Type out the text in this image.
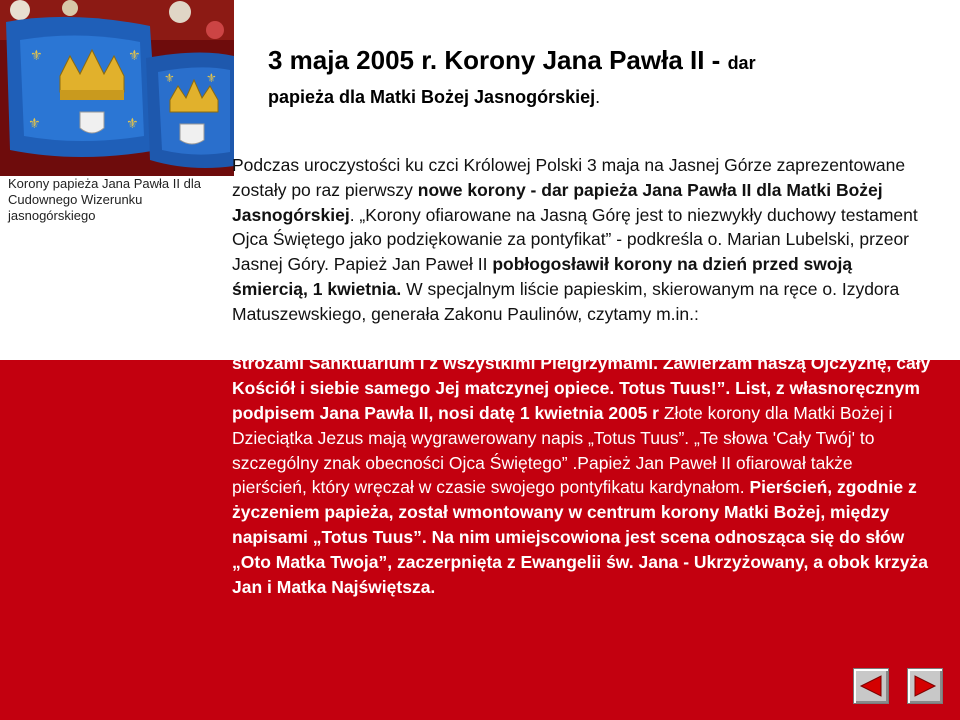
⚜	⚜
⚜	⚜
⚜
⚜
Korony papieża Jana Pawła II dla Cudownego Wizerunku jasnogórskiego
3 maja 2005 r. Korony Jana Pawła II - dar
papieża dla Matki Bożej Jasnogórskiej.
Podczas uroczystości ku czci Królowej Polski 3 maja na Jasnej Górze zaprezentowane zostały po raz pierwszy nowe korony - dar papieża Jana Pawła II dla Matki Bożej Jasnogórskiej. „Korony ofiarowane na Jasną Górę jest to niezwykły duchowy testament Ojca Świętego jako podziękowanie za pontyfikat” - podkreśla o. Marian Lubelski, przeor Jasnej Góry. Papież Jan Paweł II pobłogosławił korony na dzień przed swoją śmiercią, 1 kwietnia. W specjalnym liście papieskim, skierowanym na ręce o. Izydora Matuszewskiego, generała Zakonu Paulinów, czytamy m.in.: „Błogosławię i ofiarowuję nowe korony dla Jasnogórskiego Wizerunku, jednocząc się w duchu z paulinami, stróżami Sanktuarium i z wszystkimi Pielgrzymami. Zawierzam naszą Ojczyznę, cały Kościół i siebie samego Jej matczynej opiece. Totus Tuus!”. List, z własnoręcznym podpisem Jana Pawła II, nosi datę 1 kwietnia 2005 r Złote korony dla Matki Bożej i Dzieciątka Jezus mają wygrawerowany napis „Totus Tuus”. „Te słowa 'Cały Twój' to szczególny znak obecności Ojca Świętego” .Papież Jan Paweł II ofiarował także pierścień, który wręczał w czasie swojego pontyfikatu kardynałom. Pierścień, zgodnie z życzeniem papieża, został wmontowany w centrum korony Matki Bożej, między napisami „Totus Tuus”. Na nim umiejscowiona jest scena odnosząca się do słów „Oto Matka Twoja”, zaczerpnięta z Ewangelii św. Jana - Ukrzyżowany, a obok krzyża Jan i Matka Najświętsza.
